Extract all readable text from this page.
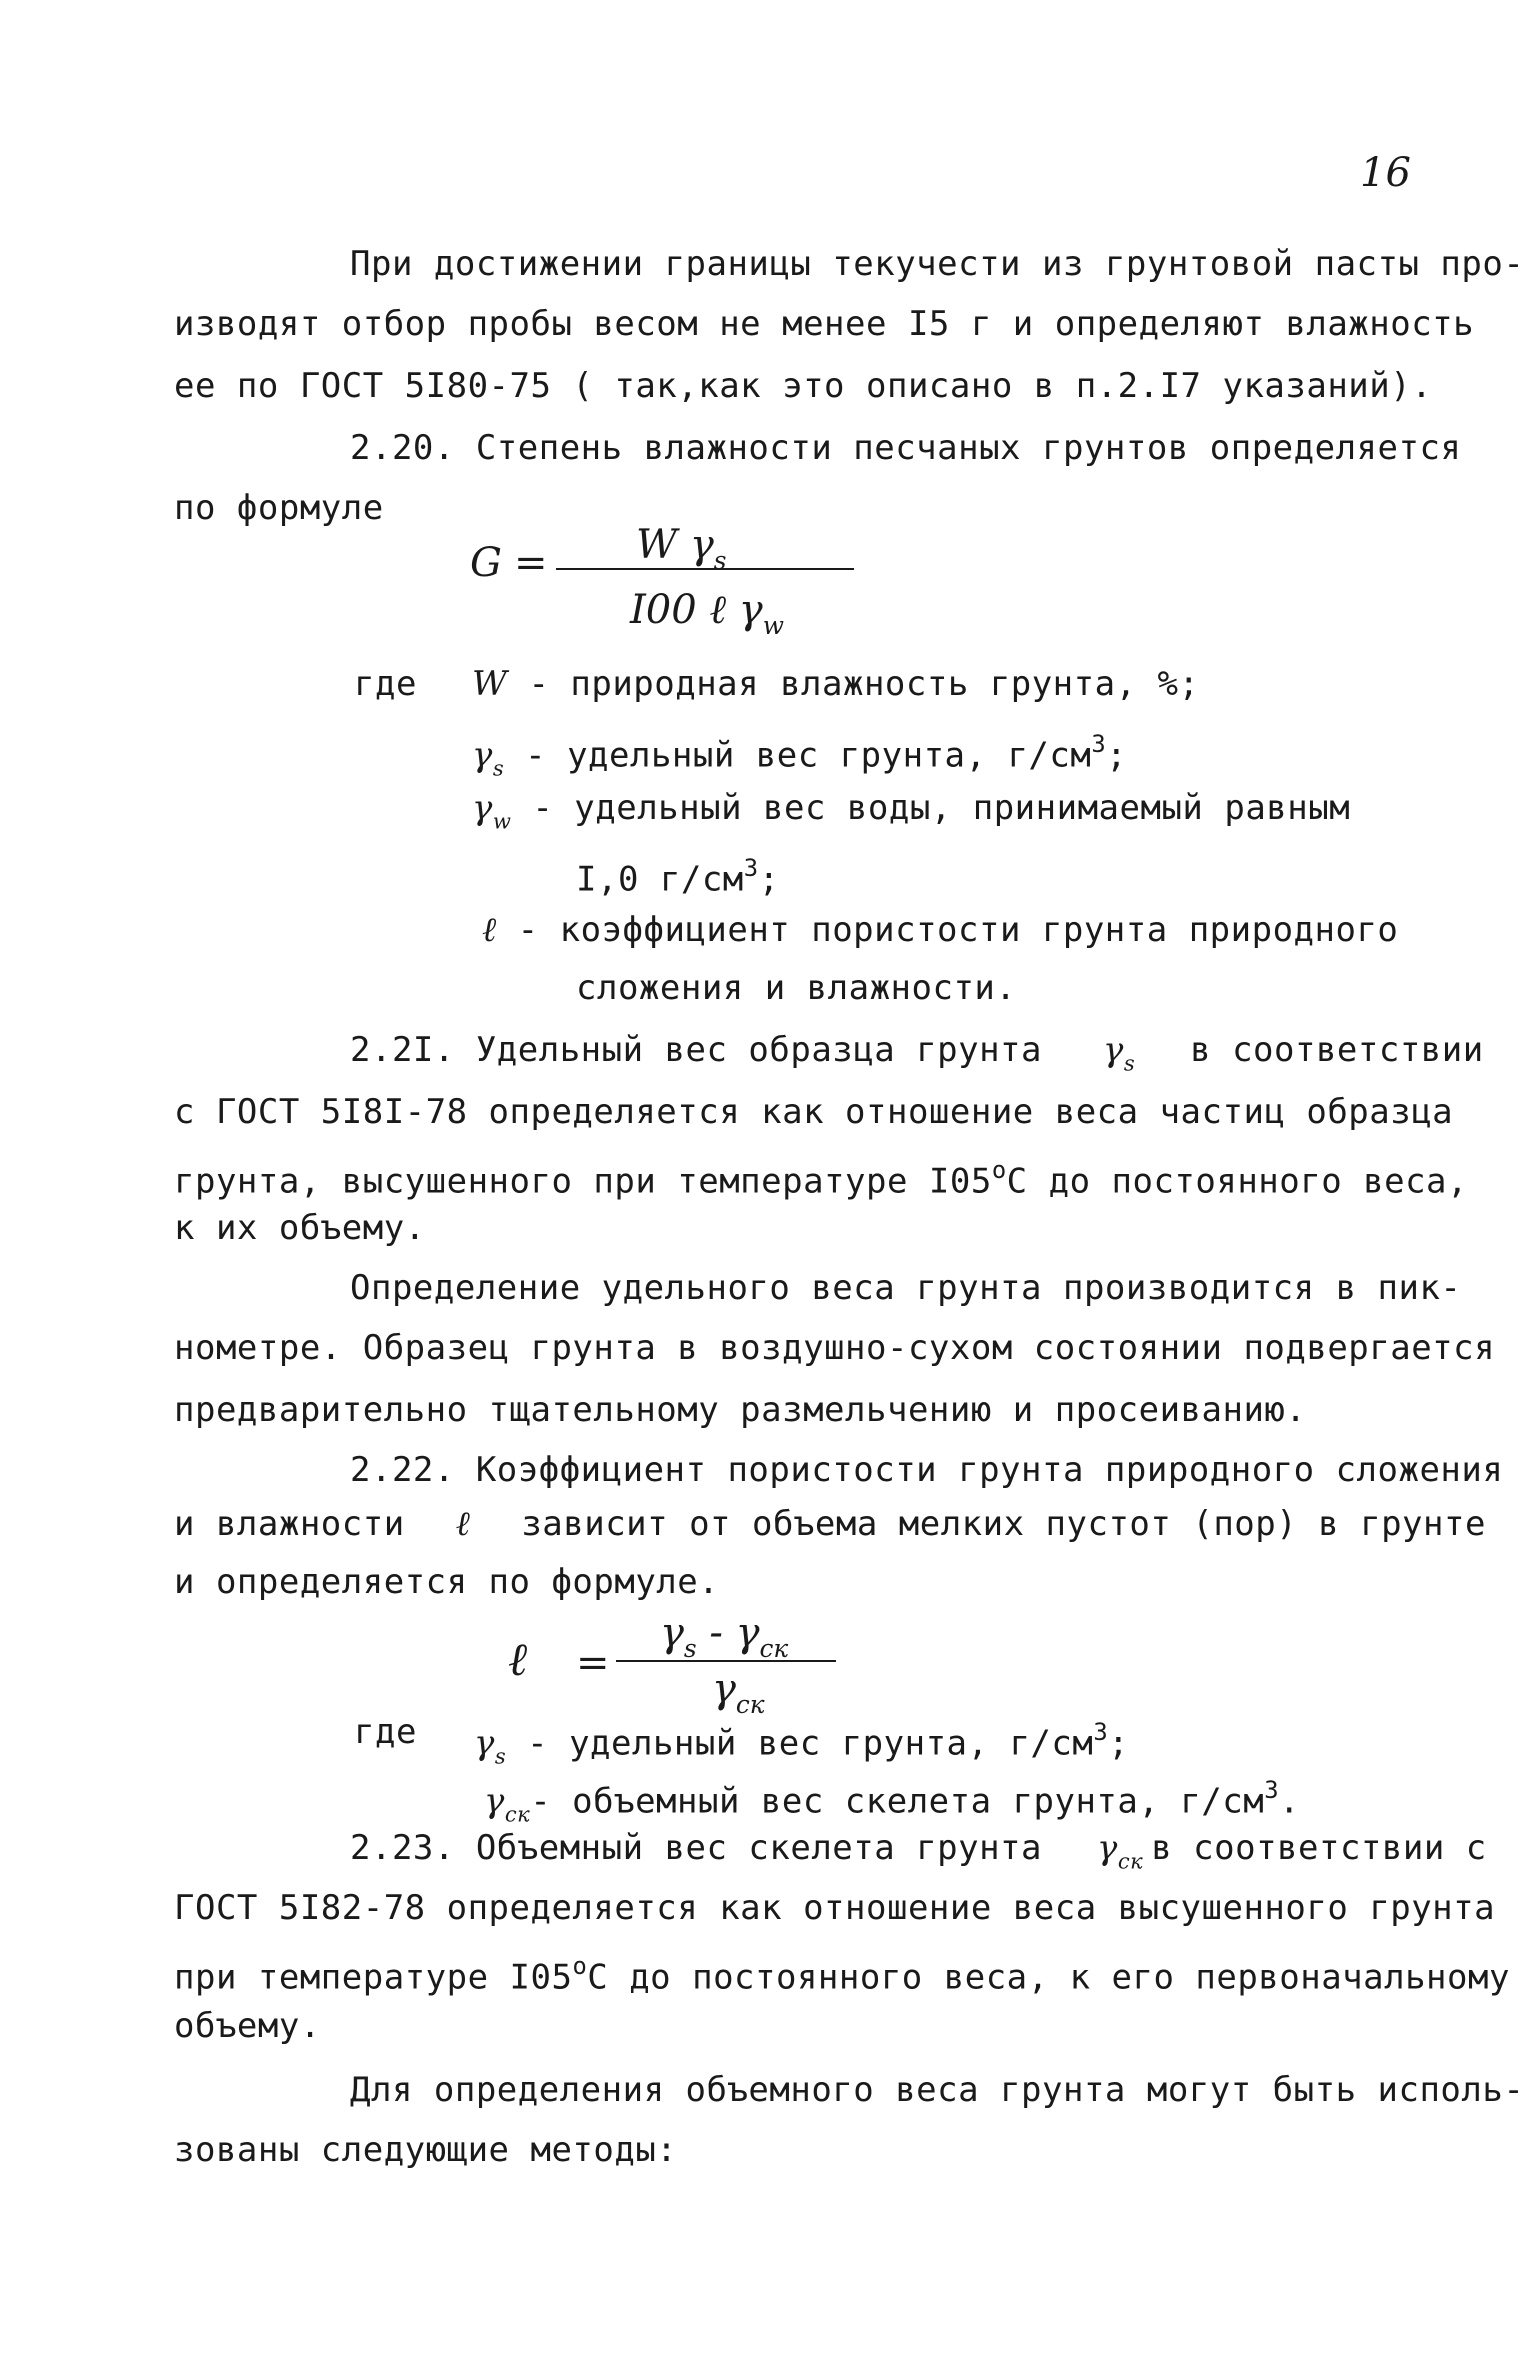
16
При достижении границы текучести из грунтовой пасты про-
изводят отбор пробы весом не менее I5 г и определяют влажность
ее по ГОСТ 5I80-75 ( так,как это описано в п.2.I7 указаний).
2.20. Степень влажности песчаных грунтов определяется
по формуле
G = W $\gamma_s$
I00 ℓ $\gamma_w$
где W - природная влажность грунта, %;
$\gamma_s$ - удельный вес грунта, $г/см^3$;
$\gamma_w$ - удельный вес воды, принимаемый равным
I,0 $г/см^3$;
ℓ - коэффициент пористости грунта природного
сложения и влажности.
2.2I. Удельный вес образца грунта $\gamma_s$ в соответствии
с ГОСТ 5I8I-78 определяется как отношение веса частиц образца
грунта, высушенного при температуре I05$^o$С до постоянного веса,
к их объему.
Определение удельного веса грунта производится в пик-
нометре. Образец грунта в воздушно-сухом состоянии подвергается
предварительно тщательному размельчению и просеиванию.
2.22. Коэффициент пористости грунта природного сложения
и влажности ℓ зависит от объема мелких пустот (пор) в грунте
и определяется по формуле.
ℓ =
$\gamma_s - \gamma_{ск}$
$\gamma_{ск}$
где $\gamma_s$ - удельный вес грунта, $г/см^3$;
$\gamma_{ск}-$ объемный вес скелета грунта, $г/см^3$.
2.23. Объемный вес скелета грунта $\gamma_{ск}$ в соответствии с
ГОСТ 5I82-78 определяется как отношение веса высушенного грунта
при температуре I05$^o$С до постоянного веса, к его первоначальному
объему.
Для определения объемного веса грунта могут быть исполь-
зованы следующие методы:
